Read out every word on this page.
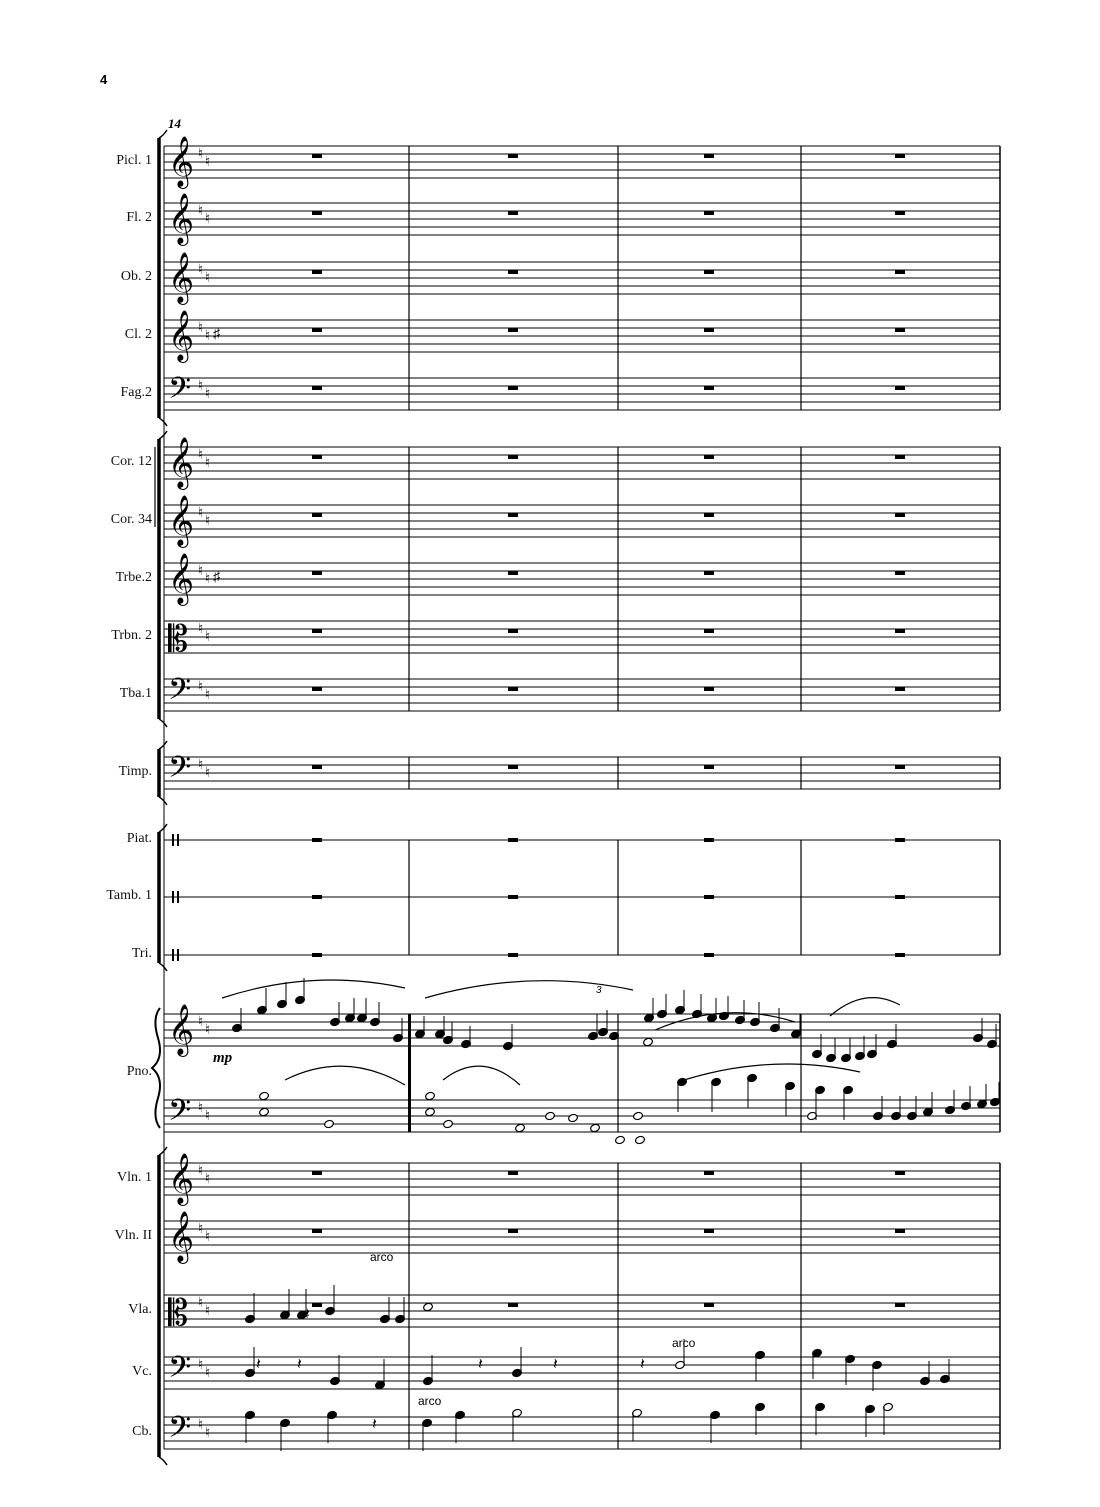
𝄞 ♮
♮
𝄞 ♮
♮
𝄞 ♮
♮
𝄞 ♮
♮ ♯
𝄢 ♮
♮
𝄞 ♮
♮
𝄞 ♮
♮
𝄞 ♮
♮ ♯
𝄡 ♮
♮
𝄢 ♮
♮
𝄢 ♮
♮
𝄞
𝄢
♮
♮
♮
♮
𝄞 ♮
♮
𝄞 ♮
♮
𝄡 ♮
♮
𝄢 ♮
♮
𝄢 ♮
♮
𝄽 𝄽
𝄽
𝄽	𝄽	𝄽
𝄽
4
14
Picl. 1
Fl. 2
Ob. 2
Cl. 2
Fag.2
Cor. 12
Cor. 34
Trbe.2
Trbn. 2
Tba.1
Timp.
Piat.
Tamb. 1
Tri.
Pno.
Vln. 1
Vln. II
Vla.
Vc.
Cb.
mp
3
arco
arco
arco
